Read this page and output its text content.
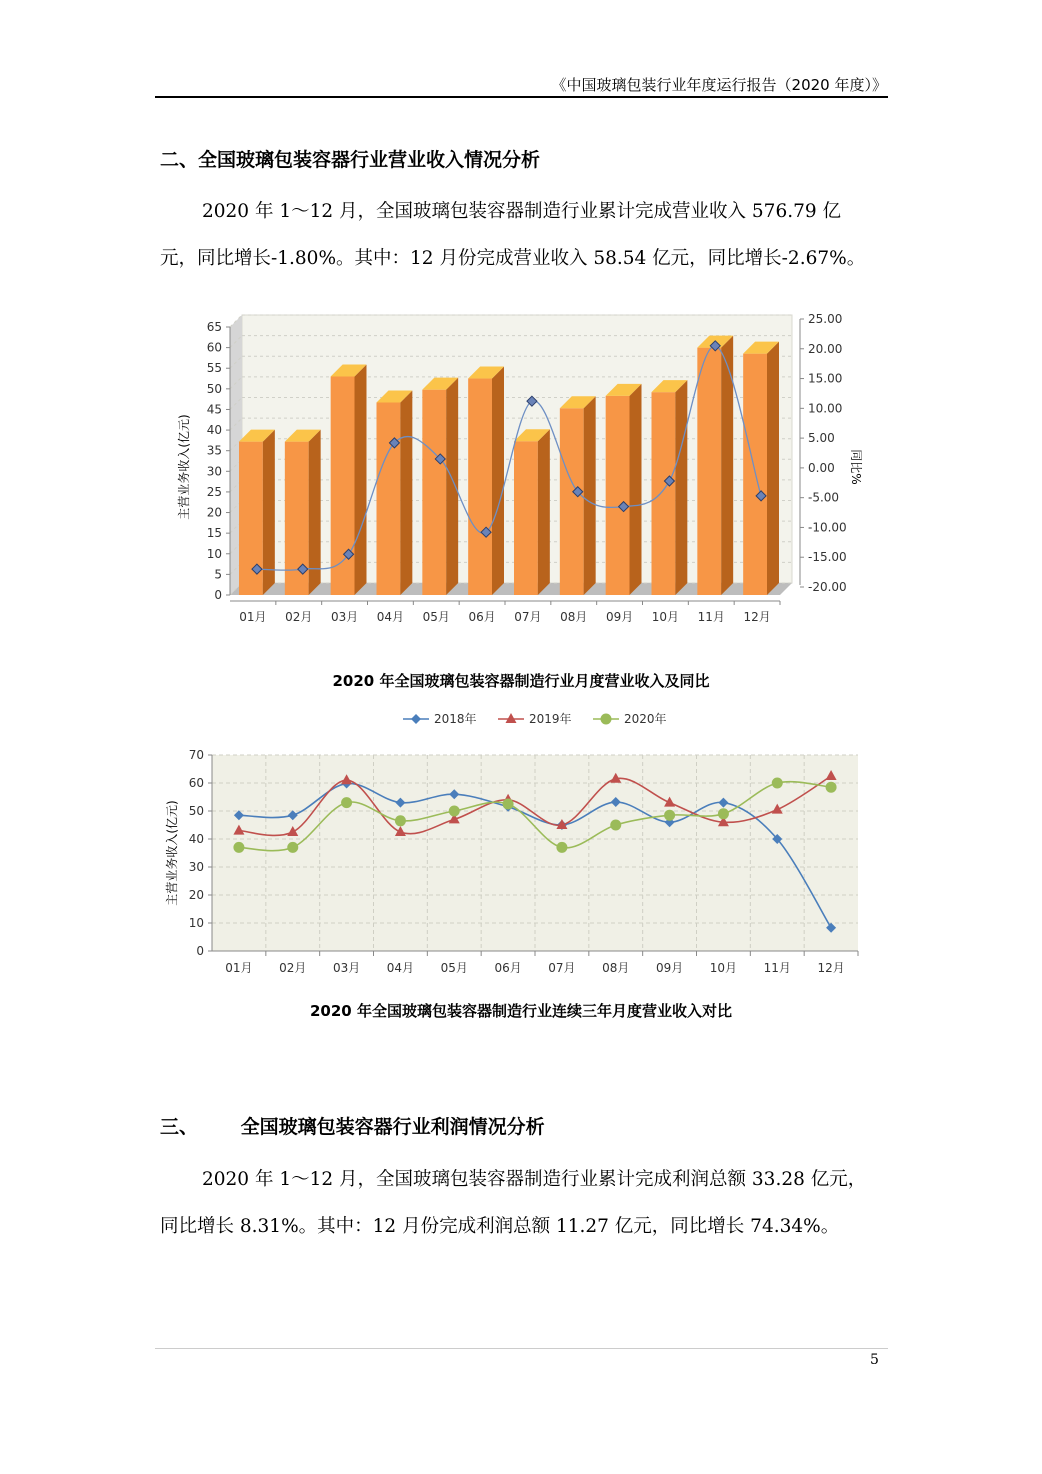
《中国玻璃包装行业年度运行报告（2020 年度）》
二、全国玻璃包装容器行业营业收入情况分析
2020 年 1～12 月，全国玻璃包装容器制造行业累计完成营业收入 576.79 亿
元，同比增长-1.80%。其中：12 月份完成营业收入 58.54 亿元，同比增长-2.67%。
0
5
10
15
20
25
30
35
40
45
50
55
60
65
-20.00
-15.00
-10.00
-5.00
0.00
5.00
10.00
15.00
20.00
25.00
01月 02月 03月 04月 05月 06月 07月 08月 09月 10月 11月 12月
主营业务收入(亿元)	同比%
2020 年全国玻璃包装容器制造行业月度营业收入及同比
2018年	2019年	2020年
0
10
20
30
40
50
60
70
01月 02月 03月 04月 05月 06月 07月 08月 09月 10月 11月 12月
主营业务收入(亿元)
2020 年全国玻璃包装容器制造行业连续三年月度营业收入对比
三、 全国玻璃包装容器行业利润情况分析
2020 年 1～12 月，全国玻璃包装容器制造行业累计完成利润总额 33.28 亿元，
同比增长 8.31%。其中：12 月份完成利润总额 11.27 亿元，同比增长 74.34%。
5
